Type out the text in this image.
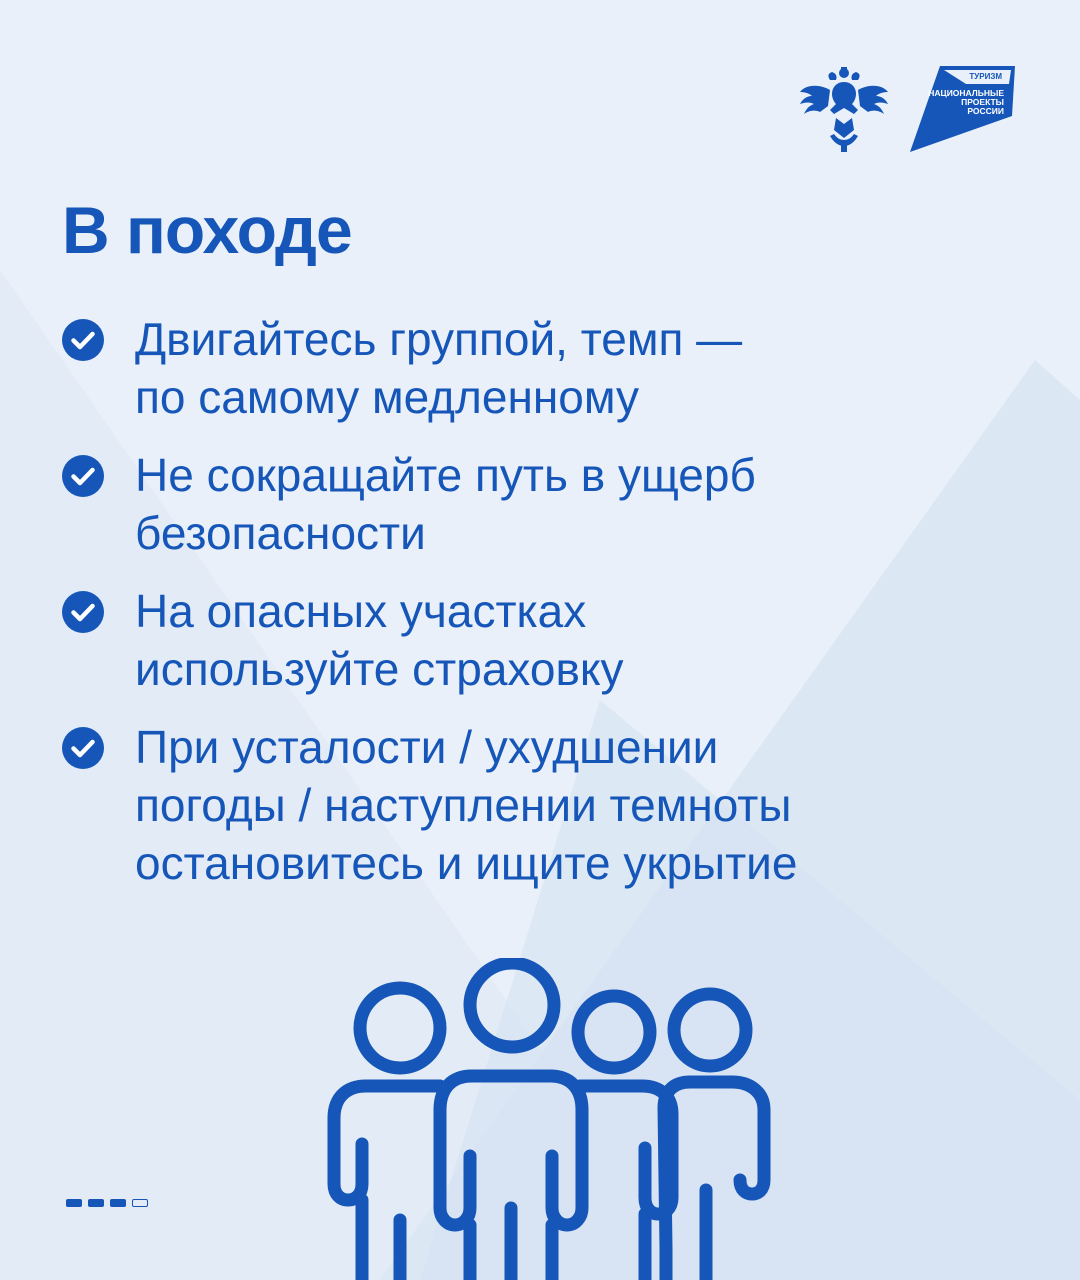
ТУРИЗМ
НАЦИОНАЛЬНЫЕ
ПРОЕКТЫ
РОССИИ
В походе
Двигайтесь группой, темп —
по самому медленному
Не сокращайте путь в ущерб
безопасности
На опасных участках
используйте страховку
При усталости / ухудшении
погоды / наступлении темноты
остановитесь и ищите укрытие
